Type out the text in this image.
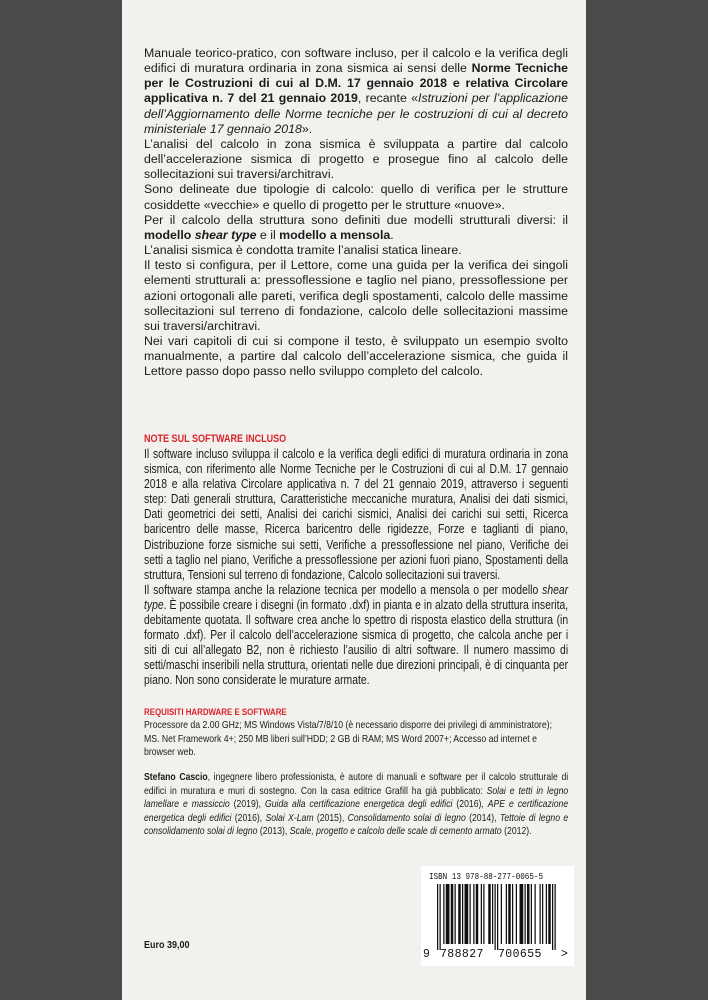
Manuale teorico-pratico, con software incluso, per il calcolo e la verifica degli edifici di muratura ordinaria in zona sismica ai sensi delle Norme Tecniche per le Costruzioni di cui al D.M. 17 gennaio 2018 e relativa Circolare applicativa n. 7 del 21 gennaio 2019, recante «Istruzioni per l’applicazione dell’Aggiornamento delle Norme tecniche per le costruzioni di cui al decreto ministeriale 17 gennaio 2018».

L’analisi del calcolo in zona sismica è sviluppata a partire dal calcolo dell’accelerazione sismica di progetto e prosegue fino al calcolo delle sollecitazioni sui traversi/architravi.

Sono delineate due tipologie di calcolo: quello di verifica per le strutture cosiddette «vecchie» e quello di progetto per le strutture «nuove».

Per il calcolo della struttura sono definiti due modelli strutturali diversi: il modello shear type e il modello a mensola.

L’analisi sismica è condotta tramite l’analisi statica lineare.

Il testo si configura, per il Lettore, come una guida per la verifica dei singoli elementi strutturali a: pressoflessione e taglio nel piano, pressoflessione per azioni ortogonali alle pareti, verifica degli spostamenti, calcolo delle massime sollecitazioni sul terreno di fondazione, calcolo delle sollecitazioni massime sui traversi/architravi.

Nei vari capitoli di cui si compone il testo, è sviluppato un esempio svolto manualmente, a partire dal calcolo dell’accelerazione sismica, che guida il Lettore passo dopo passo nello sviluppo completo del calcolo.

NOTE SUL SOFTWARE INCLUSO

Il software incluso sviluppa il calcolo e la verifica degli edifici di muratura ordinaria in zona sismica, con riferimento alle Norme Tecniche per le Costruzioni di cui al D.M. 17 gennaio 2018 e alla relativa Circolare applicativa n. 7 del 21 gennaio 2019, attraverso i seguenti step: Dati generali struttura, Caratteristiche meccaniche muratura, Analisi dei dati sismici, Dati geometrici dei setti, Analisi dei carichi sismici, Analisi dei carichi sui setti, Ricerca baricentro delle masse, Ricerca baricentro delle rigidezze, Forze e taglianti di piano, Distribuzione forze sismiche sui setti, Verifiche a pressoflessione nel piano, Verifiche dei setti a taglio nel piano, Verifiche a pressoflessione per azioni fuori piano, Spostamenti della struttura, Tensioni sul terreno di fondazione, Calcolo sollecitazioni sui traversi.

Il software stampa anche la relazione tecnica per modello a mensola o per modello shear type. È possibile creare i disegni (in formato .dxf) in pianta e in alzato della struttura inserita, debitamente quotata. Il software crea anche lo spettro di risposta elastico della struttura (in formato .dxf). Per il calcolo dell’accelerazione sismica di progetto, che calcola anche per i siti di cui all’allegato B2, non è richiesto l’ausilio di altri software. Il numero massimo di setti/maschi inseribili nella struttura, orientati nelle due direzioni principali, è di cinquanta per piano. Non sono considerate le murature armate.

REQUISITI HARDWARE E SOFTWARE
Processore da 2.00 GHz; MS Windows Vista/7/8/10 (è necessario disporre dei privilegi di amministratore); MS. Net Framework 4+; 250 MB liberi sull’HDD; 2 GB di RAM; MS Word 2007+; Accesso ad internet e browser web.
Stefano Cascio, ingegnere libero professionista, è autore di manuali e software per il calcolo strutturale di edifici in muratura e muri di sostegno. Con la casa editrice Grafill ha già pubblicato: Solai e tetti in legno lamellare e massiccio (2019), Guida alla certificazione energetica degli edifici (2016), APE e certificazione energetica degli edifici (2016), Solai X-Lam (2015), Consolidamento solai di legno (2014), Tettoie di legno e consolidamento solai di legno (2013), Scale, progetto e calcolo delle scale di cemento armato (2012).
Euro 39,00
ISBN 13 978-88-277-0065-5
9 788827 700655 >
